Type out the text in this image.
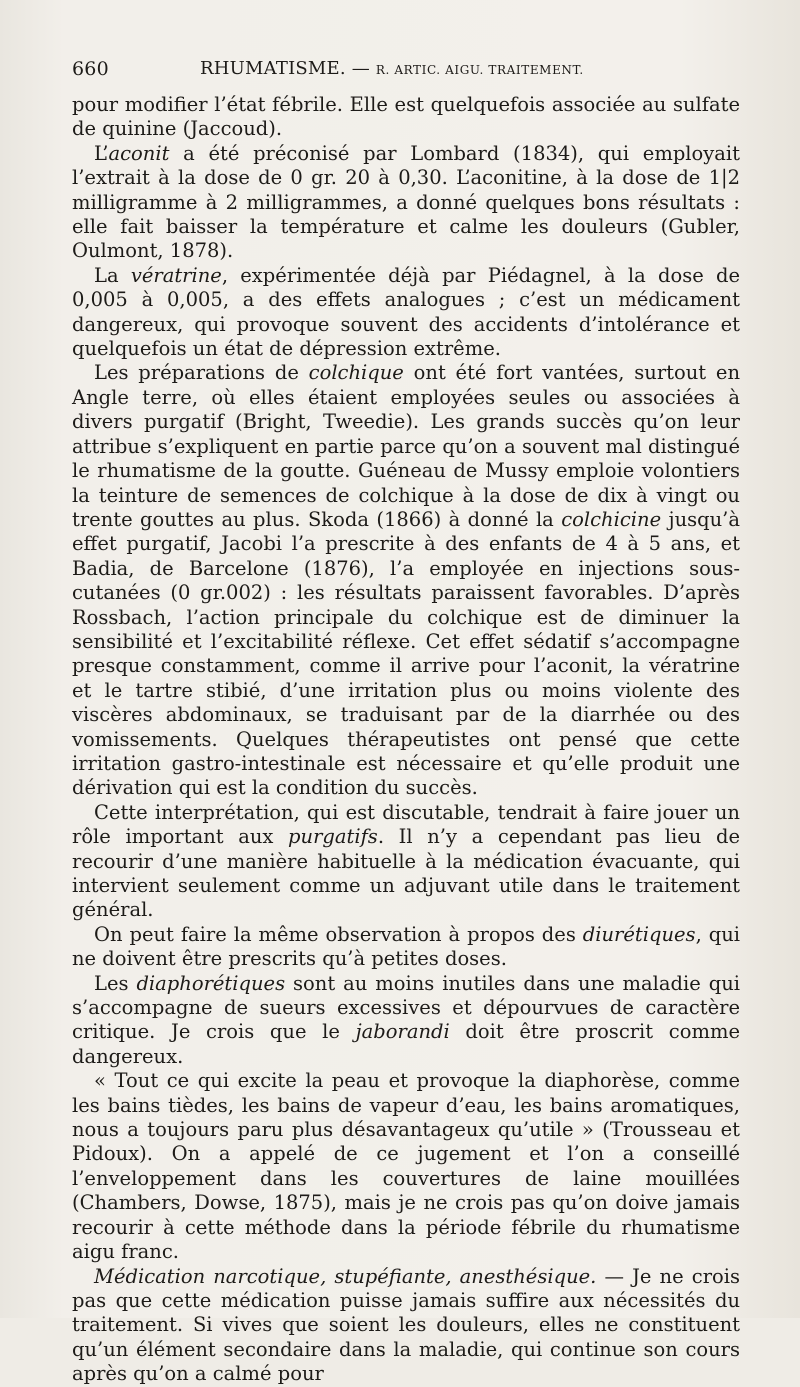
660	RHUMATISME. — R. ARTIC. AIGU. TRAITEMENT.

pour modifier l’état fébrile. Elle est quelquefois associée au sulfate de quinine (Jaccoud).

L’aconit a été préconisé par Lombard (1834), qui employait l’extrait à la dose de 0 gr. 20 à 0,30. L’aconitine, à la dose de 1|2 milligramme à 2 milligrammes, a donné quelques bons résultats : elle fait baisser la température et calme les douleurs (Gubler, Oulmont, 1878).

La vératrine, expérimentée déjà par Piédagnel, à la dose de 0,005 à 0,005, a des effets analogues ; c’est un médicament dangereux, qui provoque souvent des accidents d’intolérance et quelquefois un état de dépression extrême.

Les préparations de colchique ont été fort vantées, surtout en Angle terre, où elles étaient employées seules ou associées à divers purgatif (Bright, Tweedie). Les grands succès qu’on leur attribue s’expliquent en partie parce qu’on a souvent mal distingué le rhumatisme de la goutte. Guéneau de Mussy emploie volontiers la teinture de semences de colchique à la dose de dix à vingt ou trente gouttes au plus. Skoda (1866) à donné la colchicine jusqu’à effet purgatif, Jacobi l’a prescrite à des enfants de 4 à 5 ans, et Badia, de Barcelone (1876), l’a employée en injections sous-cutanées (0 gr.002) : les résultats paraissent favorables. D’après Rossbach, l’action principale du colchique est de diminuer la sensibilité et l’excitabilité réflexe. Cet effet sédatif s’accompagne presque constamment, comme il arrive pour l’aconit, la vératrine et le tartre stibié, d’une irritation plus ou moins violente des viscères abdominaux, se traduisant par de la diarrhée ou des vomissements. Quelques thérapeutistes ont pensé que cette irritation gastro-intestinale est nécessaire et qu’elle produit une dérivation qui est la condition du succès.

Cette interprétation, qui est discutable, tendrait à faire jouer un rôle important aux purgatifs. Il n’y a cependant pas lieu de recourir d’une manière habituelle à la médication évacuante, qui intervient seulement comme un adjuvant utile dans le traitement général.

On peut faire la même observation à propos des diurétiques, qui ne doivent être prescrits qu’à petites doses.

Les diaphorétiques sont au moins inutiles dans une maladie qui s’accompagne de sueurs excessives et dépourvues de caractère critique. Je crois que le jaborandi doit être proscrit comme dangereux.

« Tout ce qui excite la peau et provoque la diaphorèse, comme les bains tièdes, les bains de vapeur d’eau, les bains aromatiques, nous a toujours paru plus désavantageux qu’utile » (Trousseau et Pidoux). On a appelé de ce jugement et l’on a conseillé l’enveloppement dans les couvertures de laine mouillées (Chambers, Dowse, 1875), mais je ne crois pas qu’on doive jamais recourir à cette méthode dans la période fébrile du rhumatisme aigu franc.

Médication narcotique, stupéfiante, anesthésique. — Je ne crois pas que cette médication puisse jamais suffire aux nécessités du traitement. Si vives que soient les douleurs, elles ne constituent qu’un élément secondaire dans la maladie, qui continue son cours après qu’on a calmé pour
